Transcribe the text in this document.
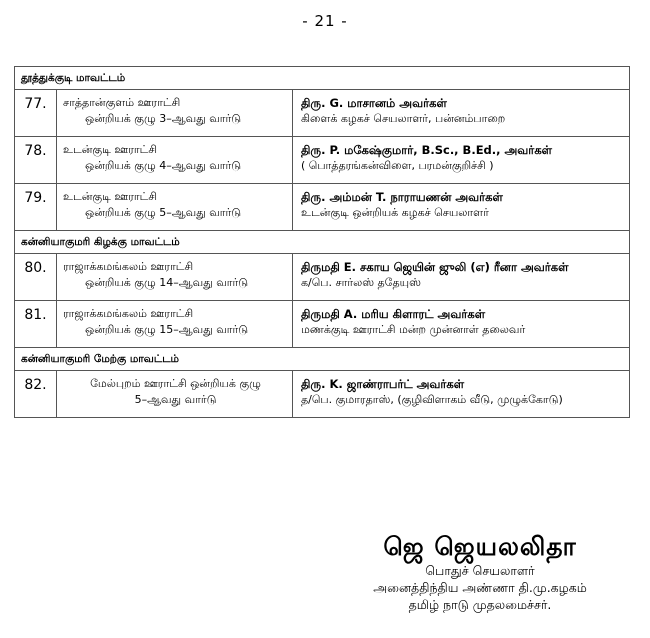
- 21 -
தூத்துக்குடி மாவட்டம்		
77.	சாத்தான்குளம் ஊராட்சி
ஒன்றியக் குழு 3–ஆவது வார்டு	திரு. G. மாசானம் அவர்கள்
கிளைக் கழகச் செயலாளர், பன்னம்பாறை

78.	உடன்குடி ஊராட்சி
ஒன்றியக் குழு 4–ஆவது வார்டு	திரு. P. மகேஷ்குமார், B.Sc., B.Ed., அவர்கள்
( பொத்தரங்கன்விளை, பரமன்குறிச்சி )

79.	உடன்குடி ஊராட்சி
ஒன்றியக் குழு 5–ஆவது வார்டு	திரு. அம்மன் T. நாராயணன் அவர்கள்
உடன்குடி ஒன்றியக் கழகச் செயலாளர்

கன்னியாகுமரி கிழக்கு மாவட்டம்		
80.	ராஜாக்கமங்கலம் ஊராட்சி
ஒன்றியக் குழு 14–ஆவது வார்டு	திருமதி E. சகாய ஜெயின் ஜுலி (எ) ரீனா அவர்கள்
க/பெ. சார்லஸ் ததேயுஸ்

81.	ராஜாக்கமங்கலம் ஊராட்சி
ஒன்றியக் குழு 15–ஆவது வார்டு	திருமதி A. மரிய கிளாரட் அவர்கள்
மணக்குடி ஊராட்சி மன்ற முன்னாள் தலைவர்

கன்னியாகுமரி மேற்கு மாவட்டம்		
82.	மேல்புறம் ஊராட்சி ஒன்றியக் குழு
5–ஆவது வார்டு	திரு. K. ஜாண்ராபர்ட் அவர்கள்
த/பெ. குமாரதாஸ், (குழிவிளாகம் வீடு, முழுக்கோடு)
ஜெ ஜெயலலிதா
பொதுச் செயலாளர்
அனைத்திந்திய அண்ணா தி.மு.கழகம்
தமிழ் நாடு முதலமைச்சர்.
